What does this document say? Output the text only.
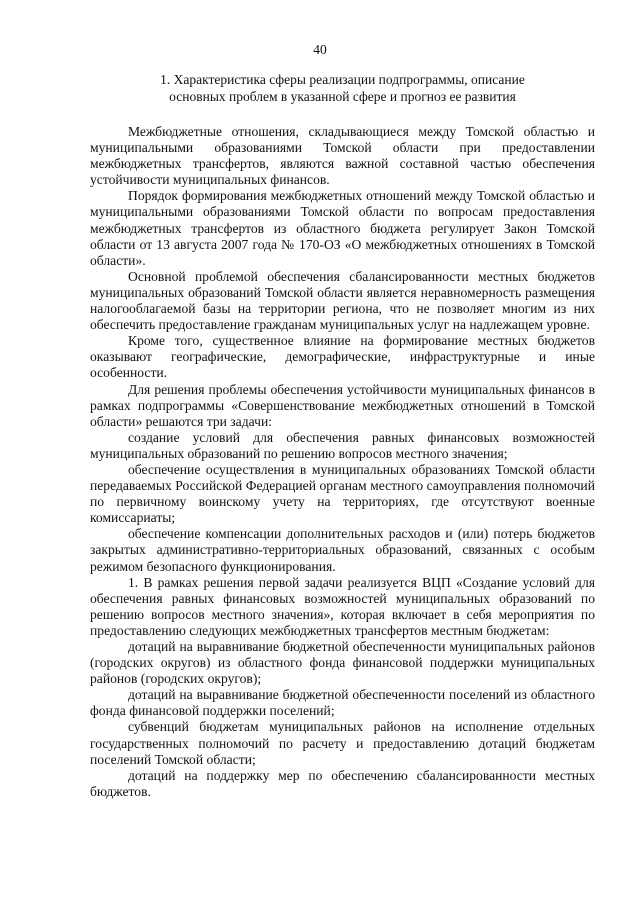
40
1. Характеристика сферы реализации подпрограммы, описание
основных проблем в указанной сфере и прогноз ее развития

Межбюджетные отношения, складывающиеся между Томской областью и муниципальными образованиями Томской области при предоставлении межбюджетных трансфертов, являются важной составной частью обеспечения устойчивости муниципальных финансов.

Порядок формирования межбюджетных отношений между Томской областью и муниципальными образованиями Томской области по вопросам предоставления межбюджетных трансфертов из областного бюджета регулирует Закон Томской области от 13 августа 2007 года № 170-ОЗ «О межбюджетных отношениях в Томской области».

Основной проблемой обеспечения сбалансированности местных бюджетов муниципальных образований Томской области является неравномерность размещения налогооблагаемой базы на территории региона, что не позволяет многим из них обеспечить предоставление гражданам муниципальных услуг на надлежащем уровне.

Кроме того, существенное влияние на формирование местных бюджетов оказывают географические, демографические, инфраструктурные и иные особенности.

Для решения проблемы обеспечения устойчивости муниципальных финансов в рамках подпрограммы «Совершенствование межбюджетных отношений в Томской области» решаются три задачи:

создание условий для обеспечения равных финансовых возможностей муниципальных образований по решению вопросов местного значения;

обеспечение осуществления в муниципальных образованиях Томской области передаваемых Российской Федерацией органам местного самоуправления полномочий по первичному воинскому учету на территориях, где отсутствуют военные комиссариаты;

обеспечение компенсации дополнительных расходов и (или) потерь бюджетов закрытых административно-территориальных образований, связанных с особым режимом безопасного функционирования.

1. В рамках решения первой задачи реализуется ВЦП «Создание условий для обеспечения равных финансовых возможностей муниципальных образований по решению вопросов местного значения», которая включает в себя мероприятия по предоставлению следующих межбюджетных трансфертов местным бюджетам:

дотаций на выравнивание бюджетной обеспеченности муниципальных районов (городских округов) из областного фонда финансовой поддержки муниципальных районов (городских округов);

дотаций на выравнивание бюджетной обеспеченности поселений из областного фонда финансовой поддержки поселений;

субвенций бюджетам муниципальных районов на исполнение отдельных государственных полномочий по расчету и предоставлению дотаций бюджетам поселений Томской области;

дотаций на поддержку мер по обеспечению сбалансированности местных бюджетов.
